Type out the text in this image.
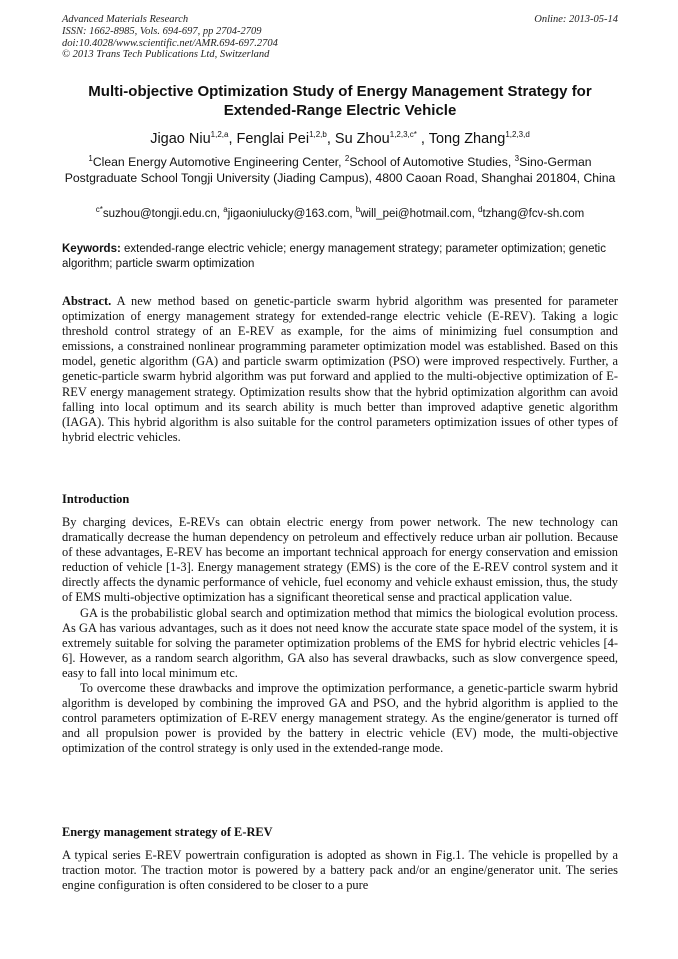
Advanced Materials Research
ISSN: 1662-8985, Vols. 694-697, pp 2704-2709
doi:10.4028/www.scientific.net/AMR.694-697.2704
© 2013 Trans Tech Publications Ltd, Switzerland
Online: 2013-05-14
Multi-objective Optimization Study of Energy Management Strategy for
Extended-Range Electric Vehicle
Jigao Niu$^{1,2,a}$, Fenglai Pei$^{1,2,b}$, Su Zhou$^{1,2,3,c*}$ , Tong Zhang$^{1,2,3,d}$
$^1$Clean Energy Automotive Engineering Center, $^2$School of Automotive Studies, $^3$Sino-German Postgraduate School Tongji University (Jiading Campus), 4800 Caoan Road, Shanghai 201804, China
$^{c*}$suzhou@tongji.edu.cn, $^a$jigaoniulucky@163.com, $^b$will_pei@hotmail.com, $^d$tzhang@fcv-sh.com
Keywords: extended-range electric vehicle; energy management strategy; parameter optimization; genetic algorithm; particle swarm optimization
Abstract. A new method based on genetic-particle swarm hybrid algorithm was presented for parameter optimization of energy management strategy for extended-range electric vehicle (E-REV). Taking a logic threshold control strategy of an E-REV as example, for the aims of minimizing fuel consumption and emissions, a constrained nonlinear programming parameter optimization model was established. Based on this model, genetic algorithm (GA) and particle swarm optimization (PSO) were improved respectively. Further, a genetic-particle swarm hybrid algorithm was put forward and applied to the multi-objective optimization of E-REV energy management strategy. Optimization results show that the hybrid optimization algorithm can avoid falling into local optimum and its search ability is much better than improved adaptive genetic algorithm (IAGA). This hybrid algorithm is also suitable for the control parameters optimization issues of other types of hybrid electric vehicles.
Introduction

By charging devices, E-REVs can obtain electric energy from power network. The new technology can dramatically decrease the human dependency on petroleum and effectively reduce urban air pollution. Because of these advantages, E-REV has become an important technical approach for energy conservation and emission reduction of vehicle [1-3]. Energy management strategy (EMS) is the core of the E-REV control system and it directly affects the dynamic performance of vehicle, fuel economy and vehicle exhaust emission, thus, the study of EMS multi-objective optimization has a significant theoretical sense and practical application value.

GA is the probabilistic global search and optimization method that mimics the biological evolution process. As GA has various advantages, such as it does not need know the accurate state space model of the system, it is extremely suitable for solving the parameter optimization problems of the EMS for hybrid electric vehicles [4-6]. However, as a random search algorithm, GA also has several drawbacks, such as slow convergence speed, easy to fall into local minimum etc.

To overcome these drawbacks and improve the optimization performance, a genetic-particle swarm hybrid algorithm is developed by combining the improved GA and PSO, and the hybrid algorithm is applied to the control parameters optimization of E-REV energy management strategy. As the engine/generator is turned off and all propulsion power is provided by the battery in electric vehicle (EV) mode, the multi-objective optimization of the control strategy is only used in the extended-range mode.

Energy management strategy of E-REV

A typical series E-REV powertrain configuration is adopted as shown in Fig.1. The vehicle is propelled by a traction motor. The traction motor is powered by a battery pack and/or an engine/generator unit. The series engine configuration is often considered to be closer to a pure
